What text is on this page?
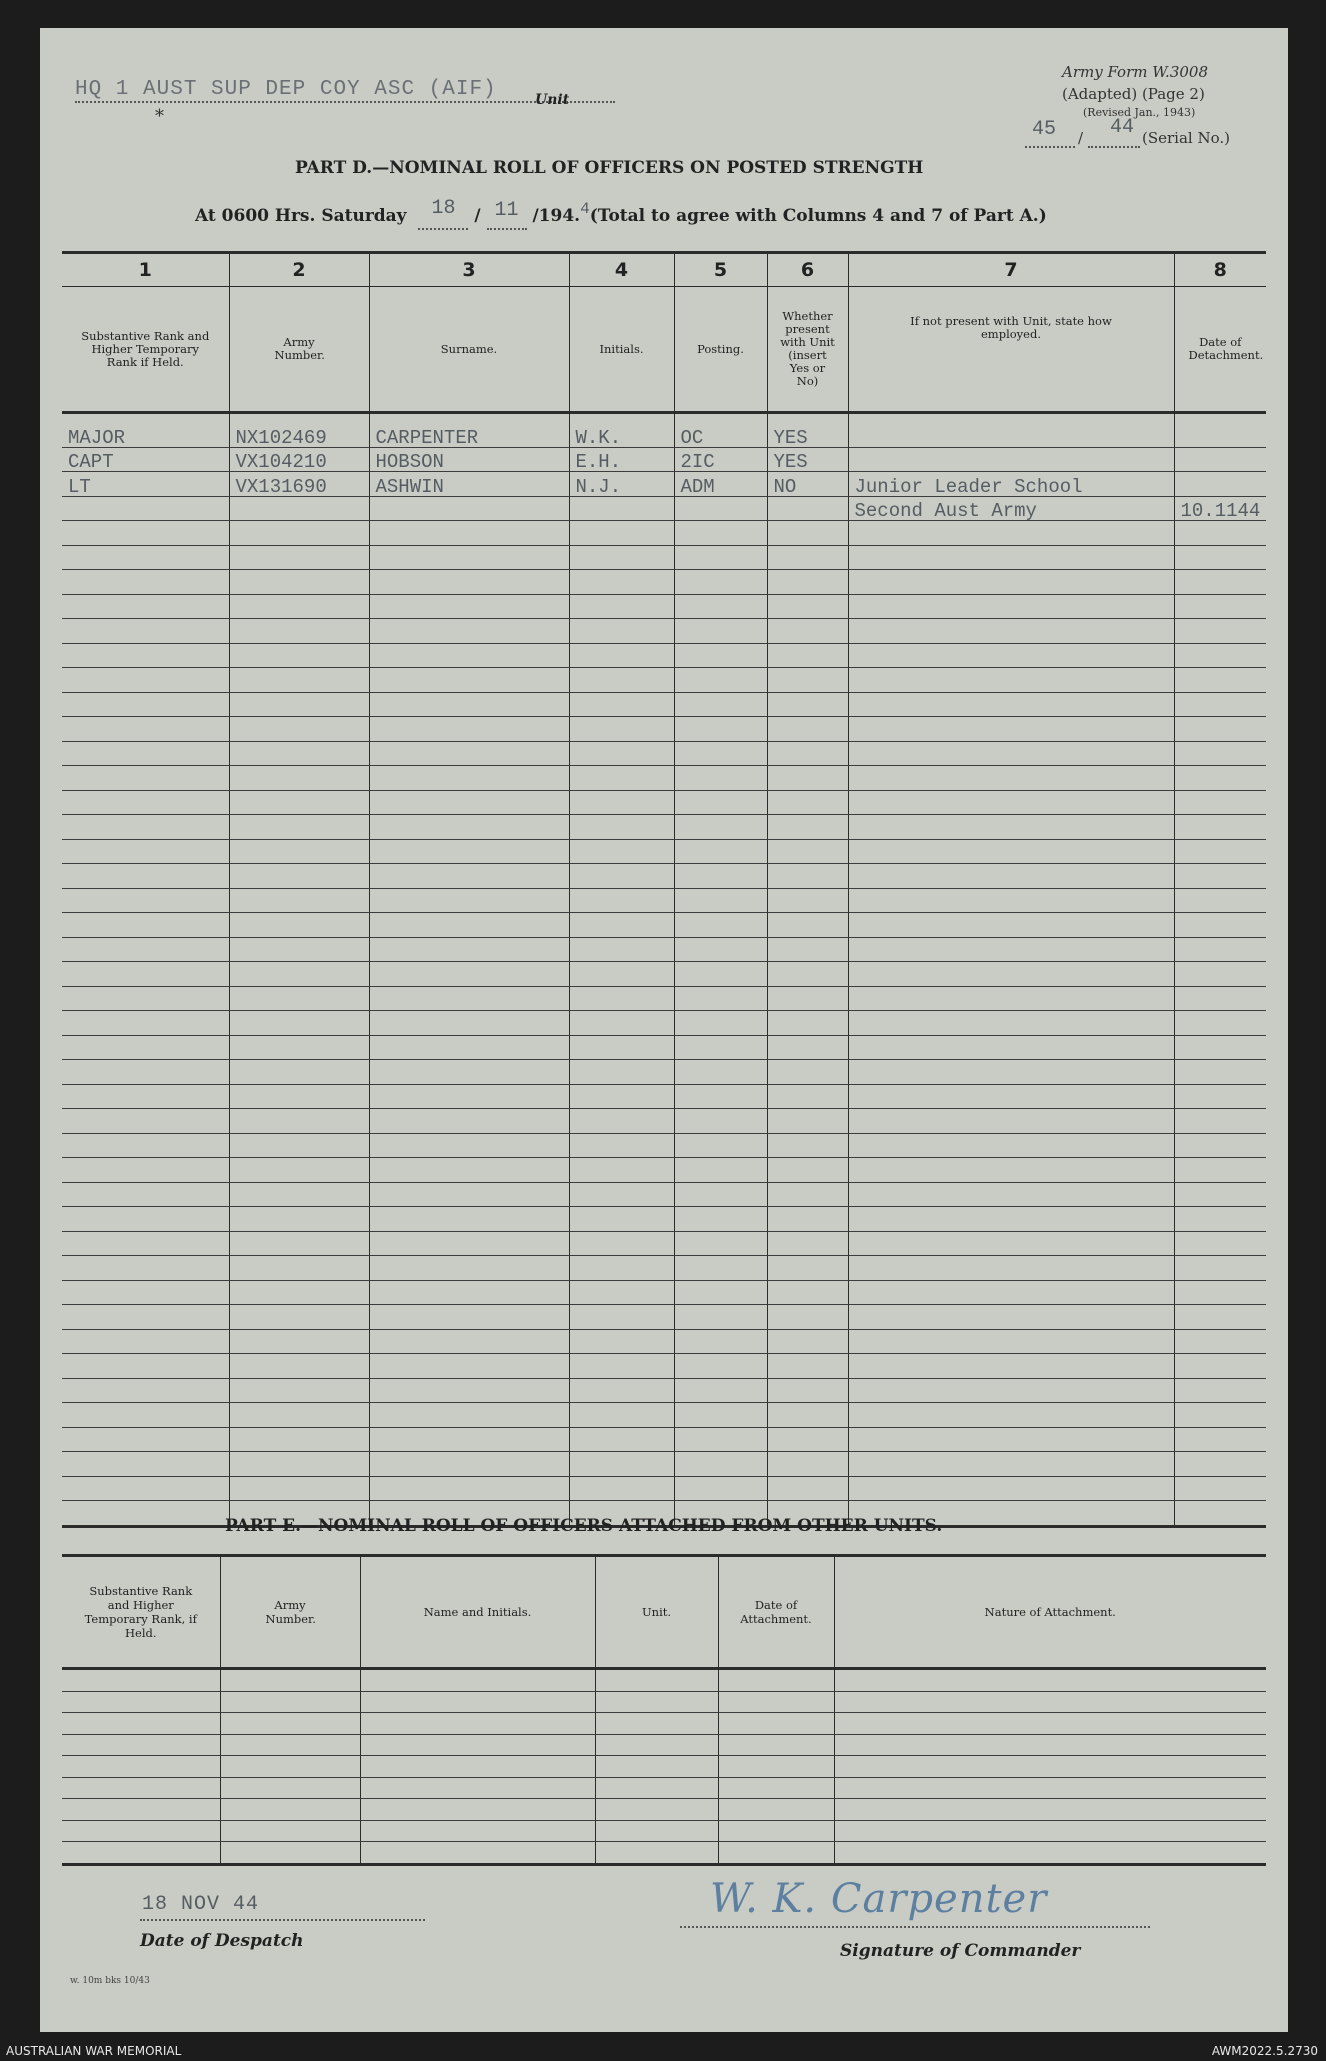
HQ 1 AUST SUP DEP COY ASC (AIF)	Unit
*
Army Form W.3008
(Adapted) (Page 2)
(Revised Jan., 1943)
45 / 44 (Serial No.)
PART D.—NOMINAL ROLL OF OFFICERS ON POSTED STRENGTH
At 0600 Hrs. Saturday 18 / 11 /194.4(Total to agree with Columns 4 and 7 of Part A.)
1	2	3	4	5	6	7	8
Substantive Rank and Higher Temporary Rank if Held.	Army Number.	Surname.	Initials.	Posting.	Whether present with Unit (insert Yes or No)	If not present with Unit, state how employed.	Date of Detachment.

MAJOR	NX102469	CARPENTER	W.K.	OC	YES		

CAPT	VX104210	HOBSON	E.H.	2IC	YES		

LT	VX131690	ASHWIN	N.J.	ADM	NO	Junior Leader School	

						Second Aust Army	10.1144

PART E.—NOMINAL ROLL OF OFFICERS ATTACHED FROM OTHER UNITS.
Substantive Rank and Higher Temporary Rank, if Held.	Army Number.	Name and Initials.	Unit.	Date of Attachment.	Nature of Attachment.

18 NOV 44
Date of Despatch
W. K. Carpenter
Signature of Commander
w. 10m bks 10/43
AUSTRALIAN WAR MEMORIAL	AWM2022.5.2730
